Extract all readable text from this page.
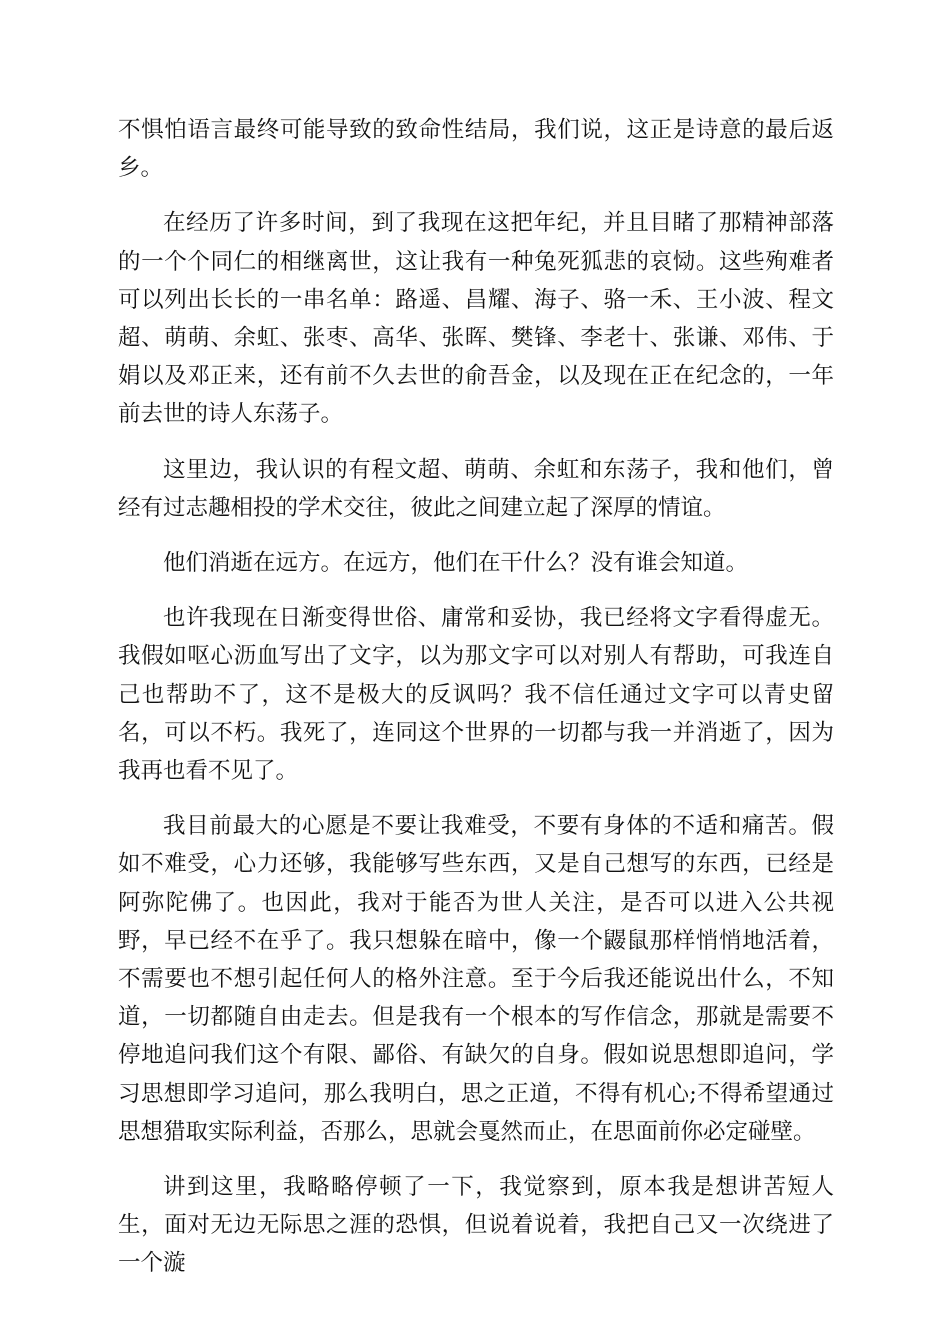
不惧怕语言最终可能导致的致命性结局，我们说，这正是诗意的最后返乡。

在经历了许多时间，到了我现在这把年纪，并且目睹了那精神部落的一个个同仁的相继离世，这让我有一种兔死狐悲的哀恸。这些殉难者可以列出长长的一串名单：路遥、昌耀、海子、骆一禾、王小波、程文超、萌萌、余虹、张枣、高华、张晖、樊锋、李老十、张谦、邓伟、于娟以及邓正来，还有前不久去世的俞吾金，以及现在正在纪念的，一年前去世的诗人东荡子。

这里边，我认识的有程文超、萌萌、余虹和东荡子，我和他们，曾经有过志趣相投的学术交往，彼此之间建立起了深厚的情谊。

他们消逝在远方。在远方，他们在干什么？没有谁会知道。

也许我现在日渐变得世俗、庸常和妥协，我已经将文字看得虚无。我假如呕心沥血写出了文字，以为那文字可以对别人有帮助，可我连自己也帮助不了，这不是极大的反讽吗？我不信任通过文字可以青史留名，可以不朽。我死了，连同这个世界的一切都与我一并消逝了，因为我再也看不见了。

我目前最大的心愿是不要让我难受，不要有身体的不适和痛苦。假如不难受，心力还够，我能够写些东西，又是自己想写的东西，已经是阿弥陀佛了。也因此，我对于能否为世人关注，是否可以进入公共视野，早已经不在乎了。我只想躲在暗中，像一个鼹鼠那样悄悄地活着，不需要也不想引起任何人的格外注意。至于今后我还能说出什么，不知道，一切都随自由走去。但是我有一个根本的写作信念，那就是需要不停地追问我们这个有限、鄙俗、有缺欠的自身。假如说思想即追问，学习思想即学习追问，那么我明白，思之正道，不得有机心;不得希望通过思想猎取实际利益，否那么，思就会戛然而止，在思面前你必定碰壁。

讲到这里，我略略停顿了一下，我觉察到，原本我是想讲苦短人生，面对无边无际思之涯的恐惧，但说着说着，我把自己又一次绕进了一个漩
